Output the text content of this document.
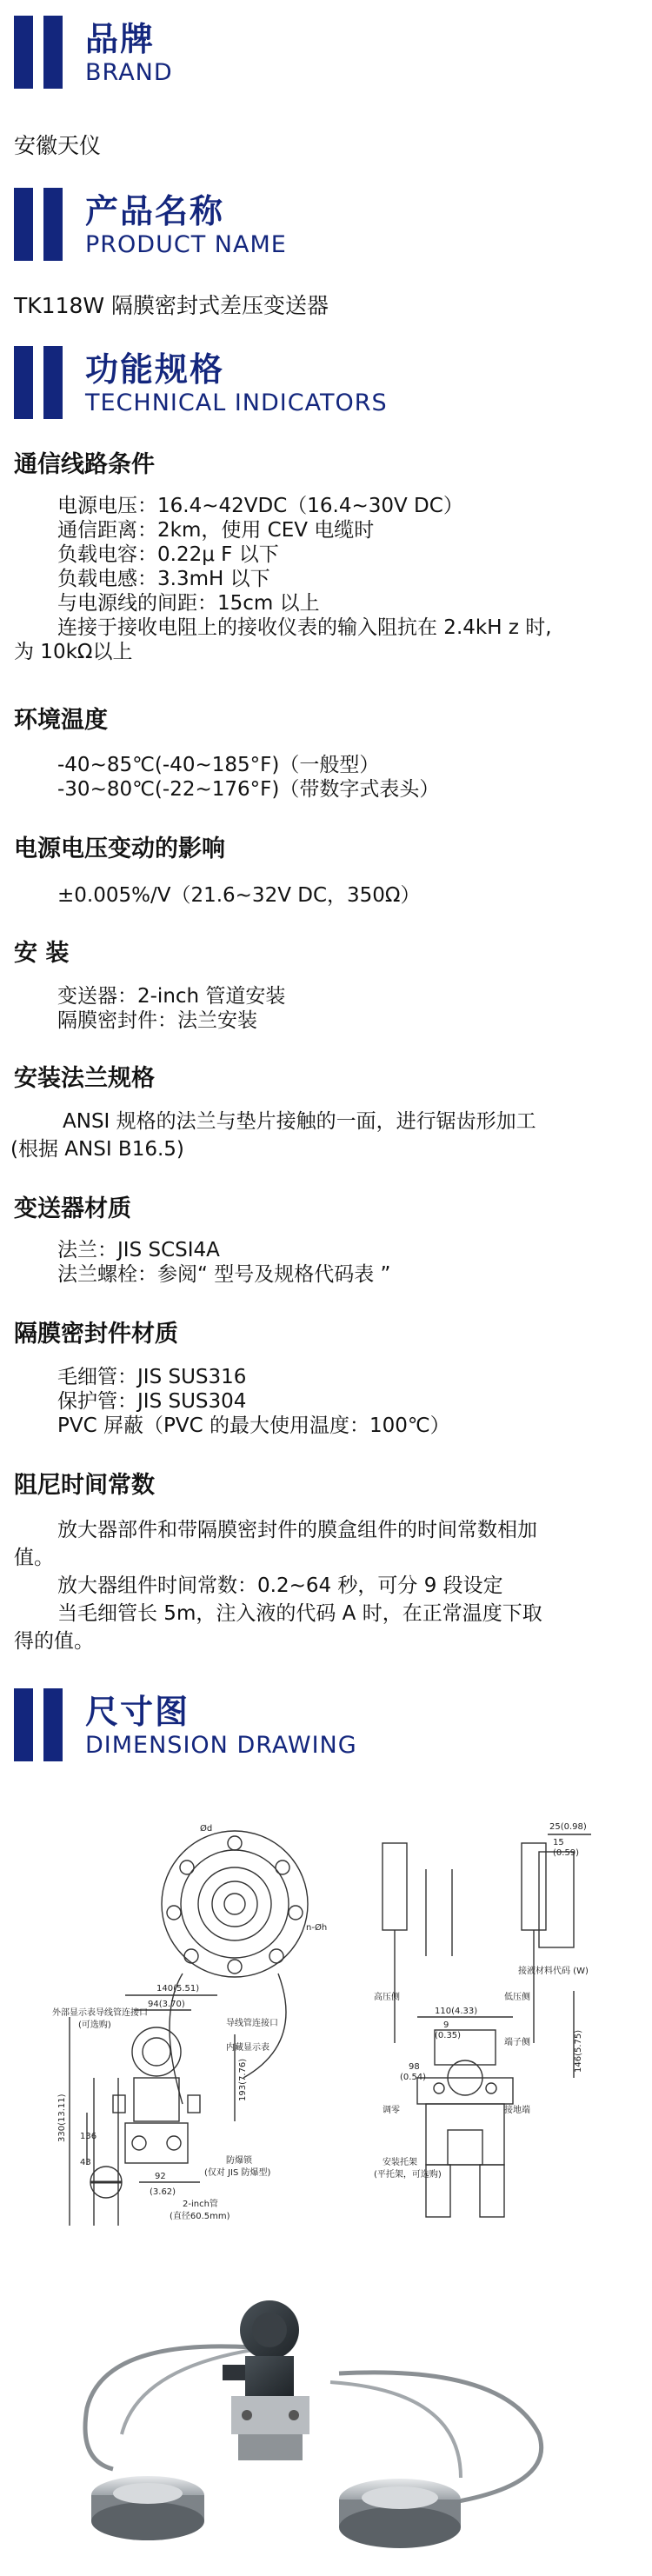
品牌
BRAND
安徽天仪
产品名称
PRODUCT NAME
TK118W 隔膜密封式差压变送器
功能规格
TECHNICAL INDICATORS
通信线路条件
电源电压：16.4~42VDC（16.4~30V DC）
通信距离：2km，使用 CEV 电缆时
负载电容：0.22μ F 以下
负载电感：3.3mH 以下
与电源线的间距：15cm 以上
连接于接收电阻上的接收仪表的输入阻抗在 2.4kH z 时,
为 10kΩ以上
环境温度
-40~85℃(-40~185°F)（一般型）
-30~80℃(-22~176°F)（带数字式表头）
电源电压变动的影响
±0.005%/V（21.6~32V DC，350Ω）
安 装
变送器：2-inch 管道安装
隔膜密封件：法兰安装
安装法兰规格
ANSI 规格的法兰与垫片接触的一面，进行锯齿形加工
(根据 ANSI B16.5)
变送器材质
法兰：JIS SCSI4A
法兰螺栓：参阅“ 型号及规格代码表 ”
隔膜密封件材质
毛细管：JIS SUS316
保护管：JIS SUS304
PVC 屏蔽（PVC 的最大使用温度：100℃）
阻尼时间常数
放大器部件和带隔膜密封件的膜盒组件的时间常数相加
值。
放大器组件时间常数：0.2~64 秒，可分 9 段设定
当毛细管长 5m，注入液的代码 A 时，在正常温度下取
得的值。
尺寸图
DIMENSION DRAWING
Ød
n-Øh
140(5.51)
94(3.70)
外部显示表导线管连接口
(可选购)	导线管连接口
内藏显示表
193(7.76)
330(13.11) 136
43
92
(3.62)
防爆锁
(仅对 JIS 防爆型)
2-inch管
(直径60.5mm)
25(0.98)
15
(0.59)
接液材料代码 (W)
高压侧	低压侧
110(4.33)
9
(0.35)
端子侧
98
(0.54)
146(5.75)
调零	接地端
安装托架
(平托架，可选购)
